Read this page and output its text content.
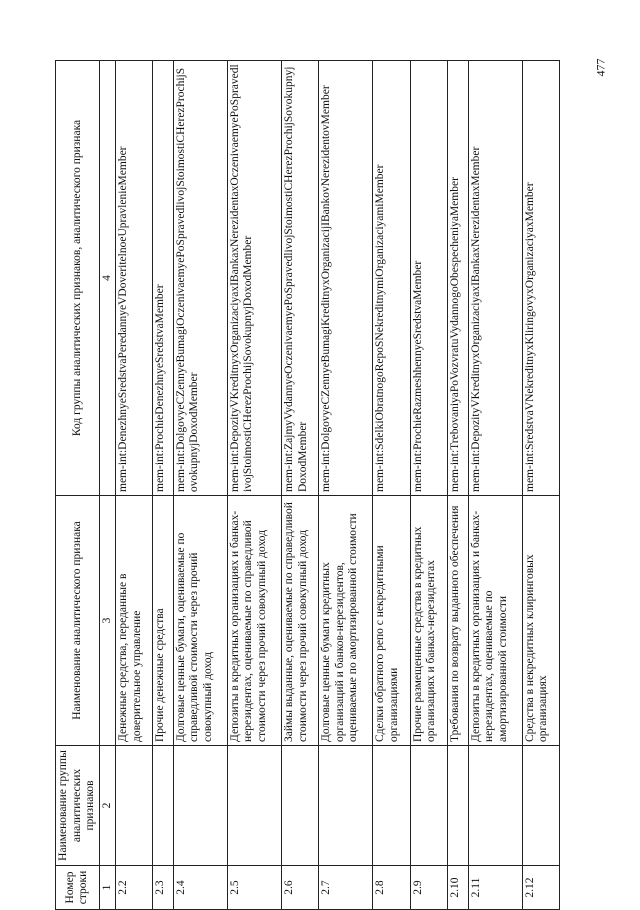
477
Номер строки	Наименование группы аналитических признаков	Наименование аналитического признака	Код группы аналитических признаков, аналитического признака
1	2	3	4
2.2		Денежные средства, переданные в доверительное управление	mem-int:DenezhnyeSredstvaPeredannyeVDoveritelnoeUpravlenieMember
2.3		Прочие денежные средства	mem-int:ProchieDenezhnyeSredstvaMember
2.4		Долговые ценные бумаги, оцениваемые по справедливой стоимости через прочий совокупный доход	mem-int:DolgovyeCZennyeBumagiOczenivaemyePoSpravedlivojStoimostiCHerezProchijSovokupnyjDoxodMember
2.5		Депозиты в кредитных организациях и банках-нерезидентах, оцениваемые по справедливой стоимости через прочий совокупный доход	mem-int:DepozityVKreditnyxOrganizaciyaxIBankaxNerezidentaxOczenivaemyePoSpravedlivojStoimostiCHerezProchijSovokupnyjDoxodMember
2.6		Займы выданные, оцениваемые по справедливой стоимости через прочий совокупный доход	mem-int:ZajmyVydannyeOczenivaemyePoSpravedlivojStoimostiCHerezProchijSovokupnyjDoxodMember
2.7		Долговые ценные бумаги кредитных организаций и банков-нерезидентов, оцениваемые по амортизированной стоимости	mem-int:DolgovyeCZennyeBumagiKreditnyxOrganizacijIBankovNerezidentovMember
2.8		Сделки обратного репо с некредитными организациями	mem-int:SdelkiObratnogoRepoSNekreditnymiOrganizaciyamiMember
2.9		Прочие размещенные средства в кредитных организациях и банках-нерезидентах	mem-int:ProchieRazmeshhennyeSredstvaMember
2.10		Требования по возврату выданного обеспечения	mem-int:TrebovaniyaPoVozvratuVydannogoObespecheniyaMember
2.11		Депозиты в кредитных организациях и банках-нерезидентах, оцениваемые по амортизированной стоимости	mem-int:DepozityVKreditnyxOrganizaciyaxIBankaxNerezidentaxMember
2.12		Средства в некредитных клиринговых организациях	mem-int:SredstvaVNekreditnyxKliringovyxOrganizaciyaxMember
